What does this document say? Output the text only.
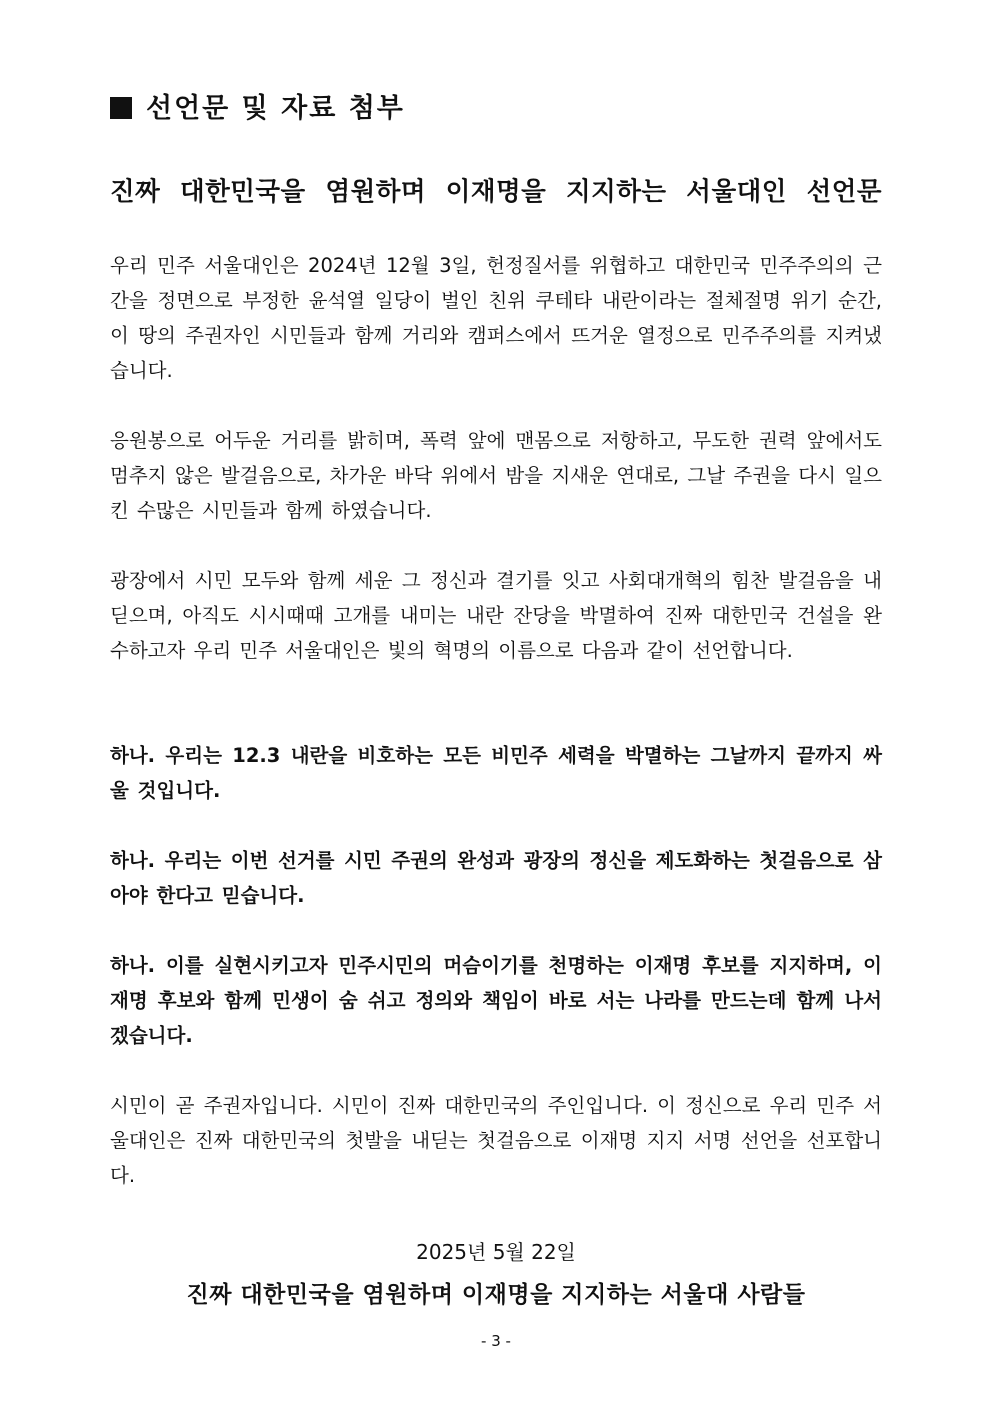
선언문 및 자료 첨부
진짜 대한민국을 염원하며 이재명을 지지하는 서울대인 선언문
우리 민주 서울대인은 2024년 12월 3일, 헌정질서를 위협하고 대한민국 민주주의의 근간을 정면으로 부정한 윤석열 일당이 벌인 친위 쿠테타 내란이라는 절체절명 위기 순간, 이 땅의 주권자인 시민들과 함께 거리와 캠퍼스에서 뜨거운 열정으로 민주주의를 지켜냈습니다.
응원봉으로 어두운 거리를 밝히며, 폭력 앞에 맨몸으로 저항하고, 무도한 권력 앞에서도 멈추지 않은 발걸음으로, 차가운 바닥 위에서 밤을 지새운 연대로, 그날 주권을 다시 일으킨 수많은 시민들과 함께 하였습니다.
광장에서 시민 모두와 함께 세운 그 정신과 결기를 잇고 사회대개혁의 힘찬 발걸음을 내딛으며, 아직도 시시때때 고개를 내미는 내란 잔당을 박멸하여 진짜 대한민국 건설을 완수하고자 우리 민주 서울대인은 빛의 혁명의 이름으로 다음과 같이 선언합니다.
하나. 우리는 12.3 내란을 비호하는 모든 비민주 세력을 박멸하는 그날까지 끝까지 싸울 것입니다.
하나. 우리는 이번 선거를 시민 주권의 완성과 광장의 정신을 제도화하는 첫걸음으로 삼아야 한다고 믿습니다.
하나. 이를 실현시키고자 민주시민의 머슴이기를 천명하는 이재명 후보를 지지하며, 이재명 후보와 함께 민생이 숨 쉬고 정의와 책임이 바로 서는 나라를 만드는데 함께 나서겠습니다.
시민이 곧 주권자입니다. 시민이 진짜 대한민국의 주인입니다. 이 정신으로 우리 민주 서울대인은 진짜 대한민국의 첫발을 내딛는 첫걸음으로 이재명 지지 서명 선언을 선포합니다.
2025년 5월 22일
진짜 대한민국을 염원하며 이재명을 지지하는 서울대 사람들
- 3 -
